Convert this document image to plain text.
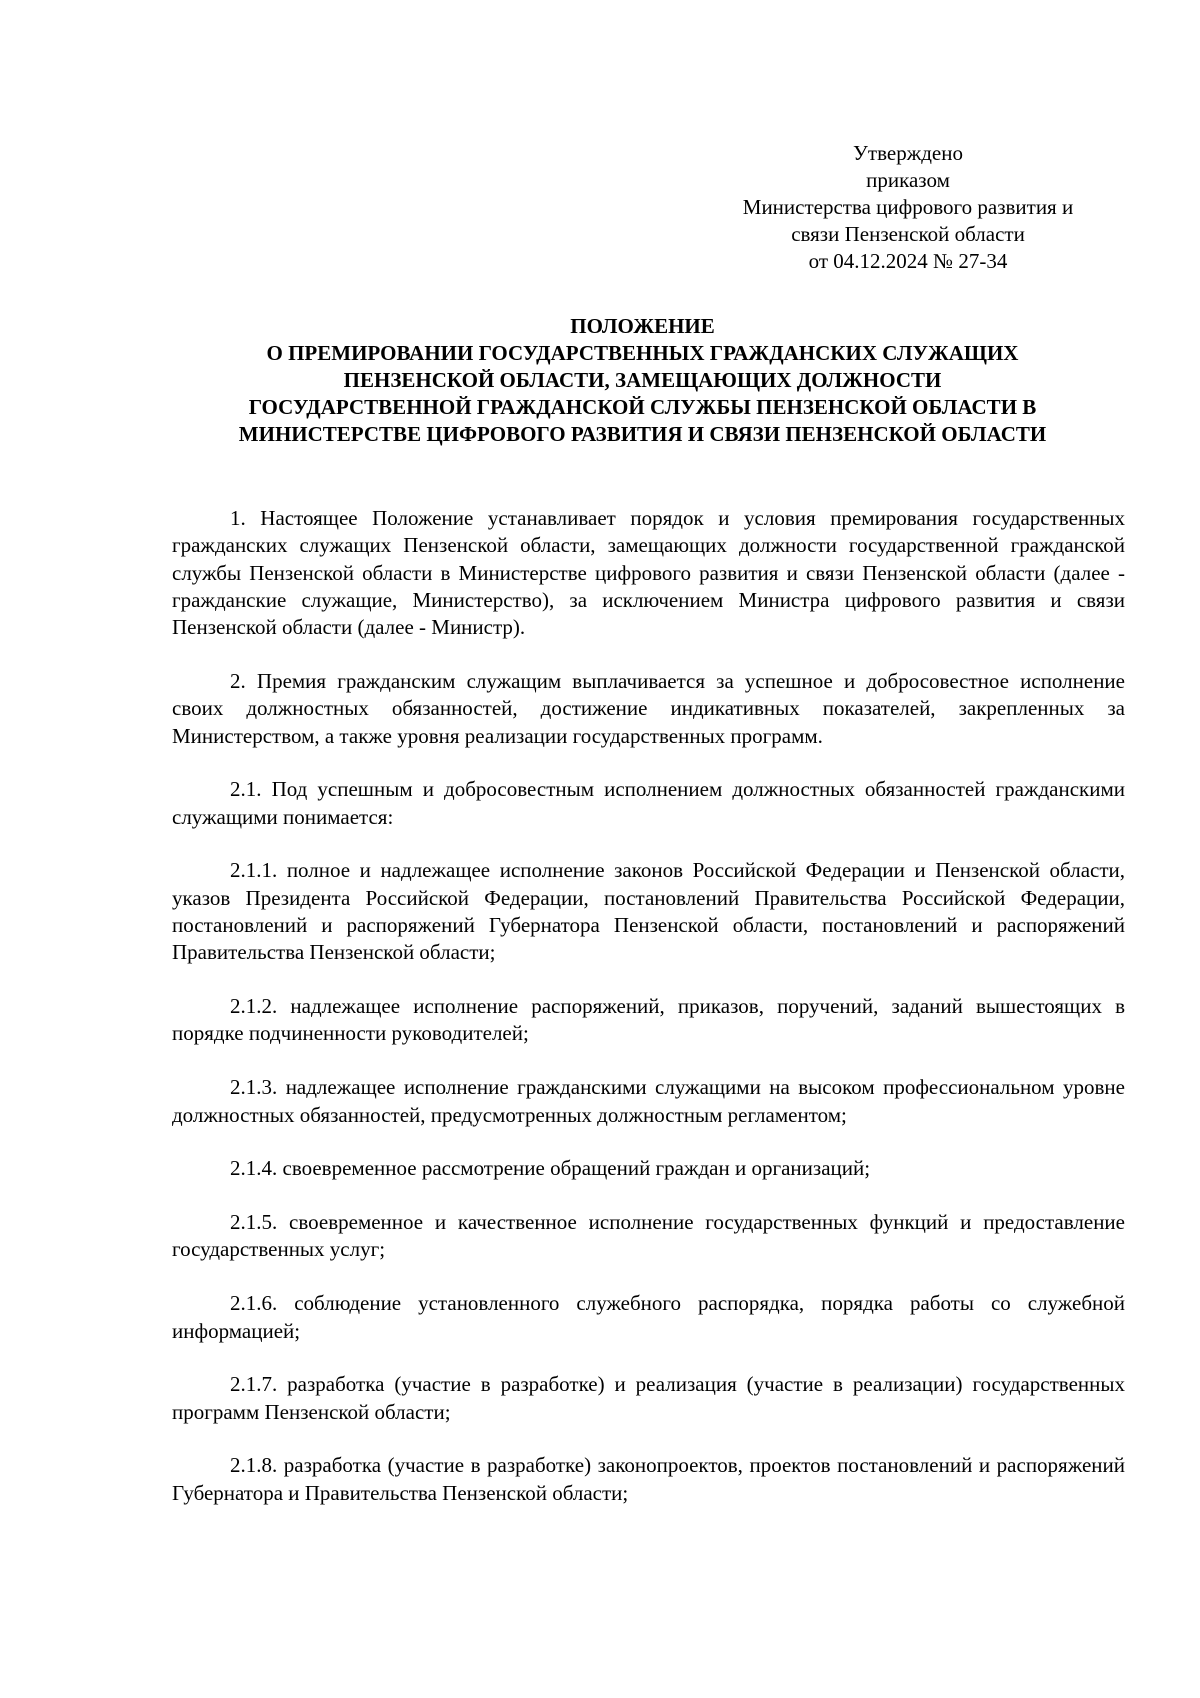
Утверждено
приказом
Министерства цифрового развития и
связи Пензенской области
от 04.12.2024 № 27-34
ПОЛОЖЕНИЕ
О ПРЕМИРОВАНИИ ГОСУДАРСТВЕННЫХ ГРАЖДАНСКИХ СЛУЖАЩИХ
ПЕНЗЕНСКОЙ ОБЛАСТИ, ЗАМЕЩАЮЩИХ ДОЛЖНОСТИ
ГОСУДАРСТВЕННОЙ ГРАЖДАНСКОЙ СЛУЖБЫ ПЕНЗЕНСКОЙ ОБЛАСТИ В
МИНИСТЕРСТВЕ ЦИФРОВОГО РАЗВИТИЯ И СВЯЗИ ПЕНЗЕНСКОЙ ОБЛАСТИ

1. Настоящее Положение устанавливает порядок и условия премирования государственных гражданских служащих Пензенской области, замещающих должности государственной гражданской службы Пензенской области в Министерстве цифрового развития и связи Пензенской области (далее - гражданские служащие, Министерство), за исключением Министра цифрового развития и связи Пензенской области (далее - Министр).

2. Премия гражданским служащим выплачивается за успешное и добросовестное исполнение своих должностных обязанностей, достижение индикативных показателей, закрепленных за Министерством, а также уровня реализации государственных программ.

2.1. Под успешным и добросовестным исполнением должностных обязанностей гражданскими служащими понимается:

2.1.1. полное и надлежащее исполнение законов Российской Федерации и Пензенской области, указов Президента Российской Федерации, постановлений Правительства Российской Федерации, постановлений и распоряжений Губернатора Пензенской области, постановлений и распоряжений Правительства Пензенской области;

2.1.2. надлежащее исполнение распоряжений, приказов, поручений, заданий вышестоящих в порядке подчиненности руководителей;

2.1.3. надлежащее исполнение гражданскими служащими на высоком профессиональном уровне должностных обязанностей, предусмотренных должностным регламентом;

2.1.4. своевременное рассмотрение обращений граждан и организаций;

2.1.5. своевременное и качественное исполнение государственных функций и предоставление государственных услуг;

2.1.6. соблюдение установленного служебного распорядка, порядка работы со служебной информацией;

2.1.7. разработка (участие в разработке) и реализация (участие в реализации) государственных программ Пензенской области;

2.1.8. разработка (участие в разработке) законопроектов, проектов постановлений и распоряжений Губернатора и Правительства Пензенской области;
